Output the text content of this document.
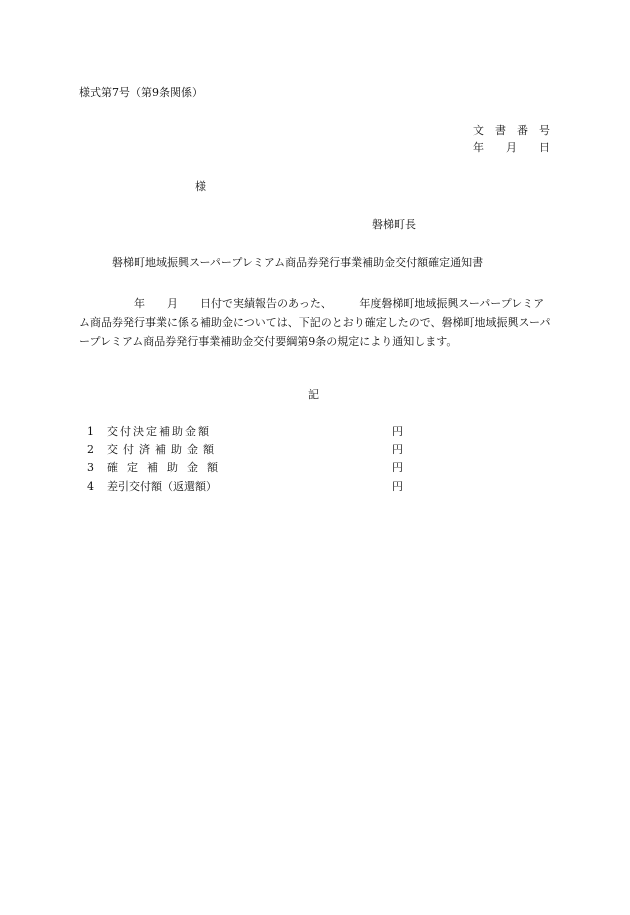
様式第7号（第9条関係）
文　書　番　号
年　　月　　日
様
磐梯町長
磐梯町地域振興スーパープレミアム商品券発行事業補助金交付額確定通知書
　　　　　年　　月　　日付で実績報告のあった、　　　年度磐梯町地域振興スーパープレミアム商品券発行事業に係る補助金については、下記のとおり確定したので、磐梯町地域振興スーパープレミアム商品券発行事業補助金交付要綱第9条の規定により通知します。
記
1 交付決定補助金額	円
2 交付済補助金額	円
3 確定補助金額	円
4 差引交付額（返還額）	円
